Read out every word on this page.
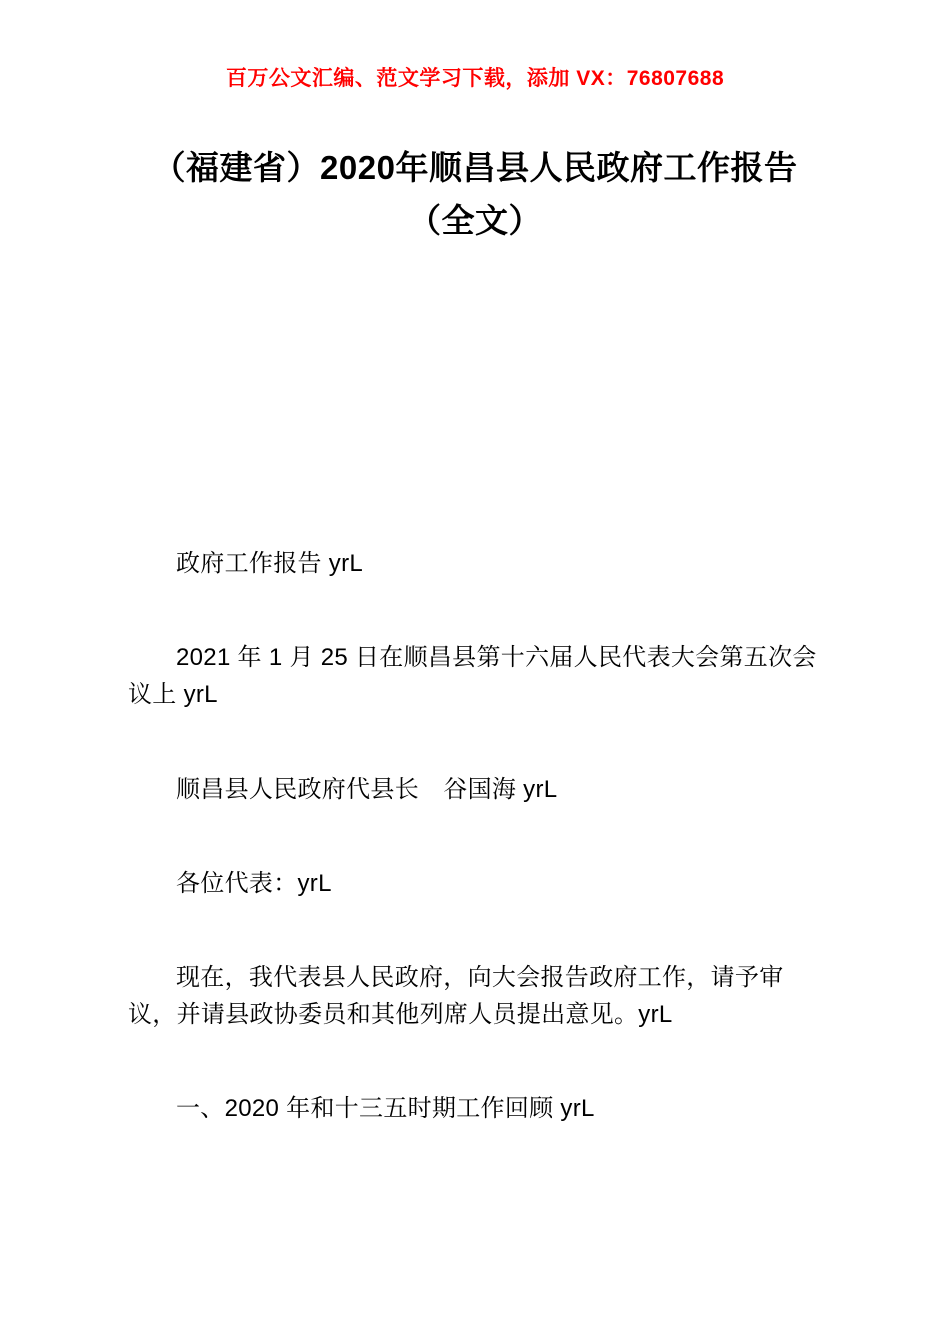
百万公文汇编、范文学习下载，添加 VX：76807688
（福建省）2020年顺昌县人民政府工作报告（全文）

政府工作报告 yrL

2021 年 1 月 25 日在顺昌县第十六届人民代表大会第五次会议上 yrL

顺昌县人民政府代县长　谷国海 yrL

各位代表：yrL

现在，我代表县人民政府，向大会报告政府工作，请予审议，并请县政协委员和其他列席人员提出意见。yrL

一、2020 年和十三五时期工作回顾 yrL
